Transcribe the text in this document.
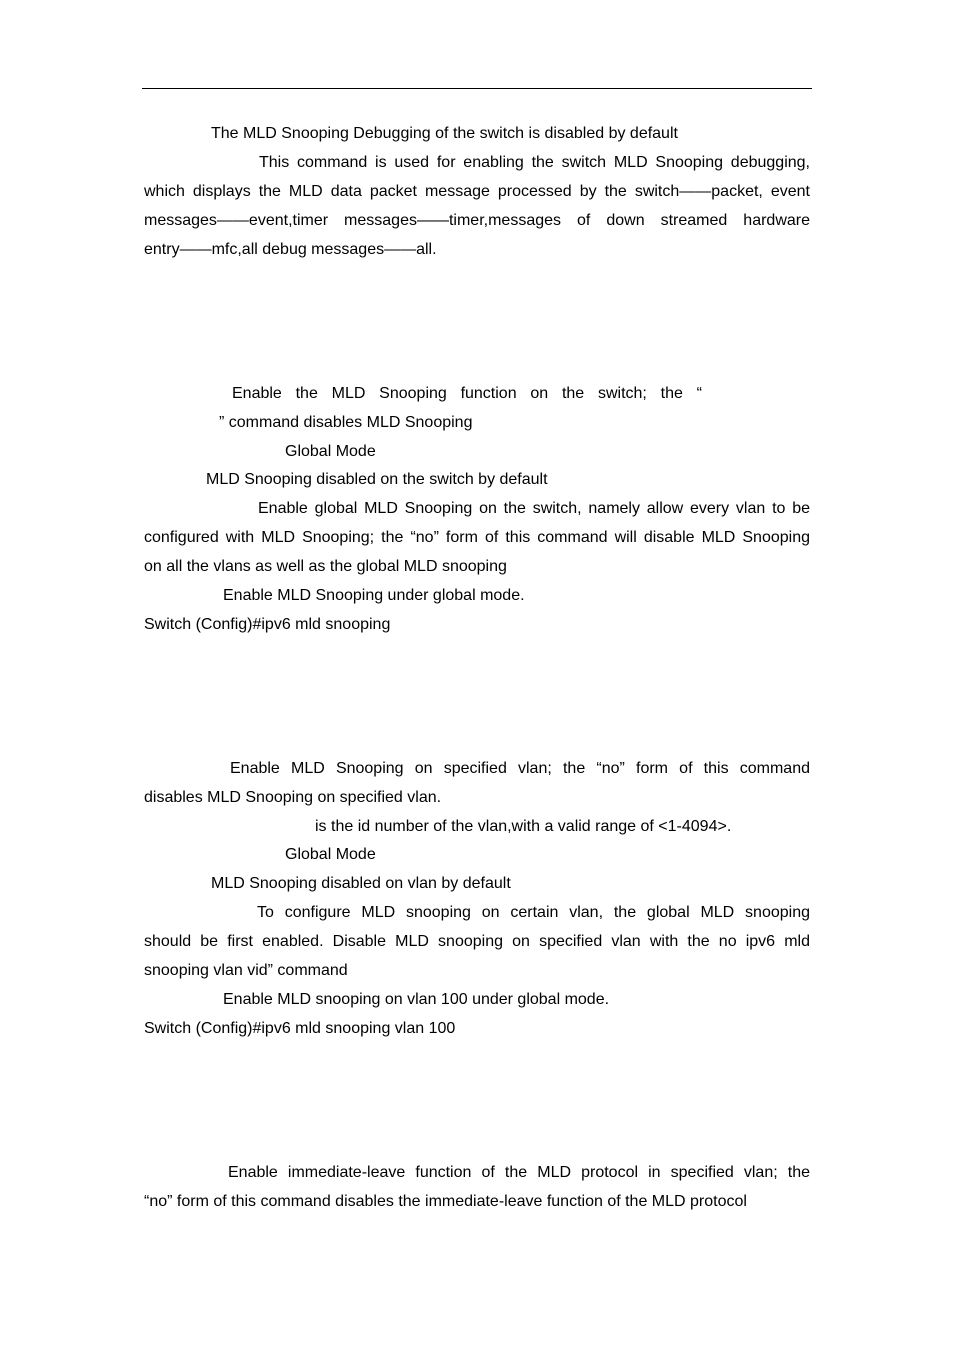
The MLD Snooping Debugging of the switch is disabled by default
This command is used for enabling the switch MLD Snooping debugging,
which displays the MLD data packet message processed by the switch——packet, event
messages——event,timer messages——timer,messages of down streamed hardware
entry——mfc,all debug messages——all.
Enable the MLD Snooping function on the switch; the “
” command disables MLD Snooping
Global Mode
MLD Snooping disabled on the switch by default
Enable global MLD Snooping on the switch, namely allow every vlan to be
configured with MLD Snooping; the “no” form of this command will disable MLD Snooping
on all the vlans as well as the global MLD snooping
Enable MLD Snooping under global mode.
Switch (Config)#ipv6 mld snooping
Enable MLD Snooping on specified vlan; the “no” form of this command
disables MLD Snooping on specified vlan.
is the id number of the vlan,with a valid range of <1-4094>.
Global Mode
MLD Snooping disabled on vlan by default
To configure MLD snooping on certain vlan, the global MLD snooping
should be first enabled. Disable MLD snooping on specified vlan with the no ipv6 mld
snooping vlan vid” command
Enable MLD snooping on vlan 100 under global mode.
Switch (Config)#ipv6 mld snooping vlan 100
Enable immediate-leave function of the MLD protocol in specified vlan; the
“no” form of this command disables the immediate-leave function of the MLD protocol
